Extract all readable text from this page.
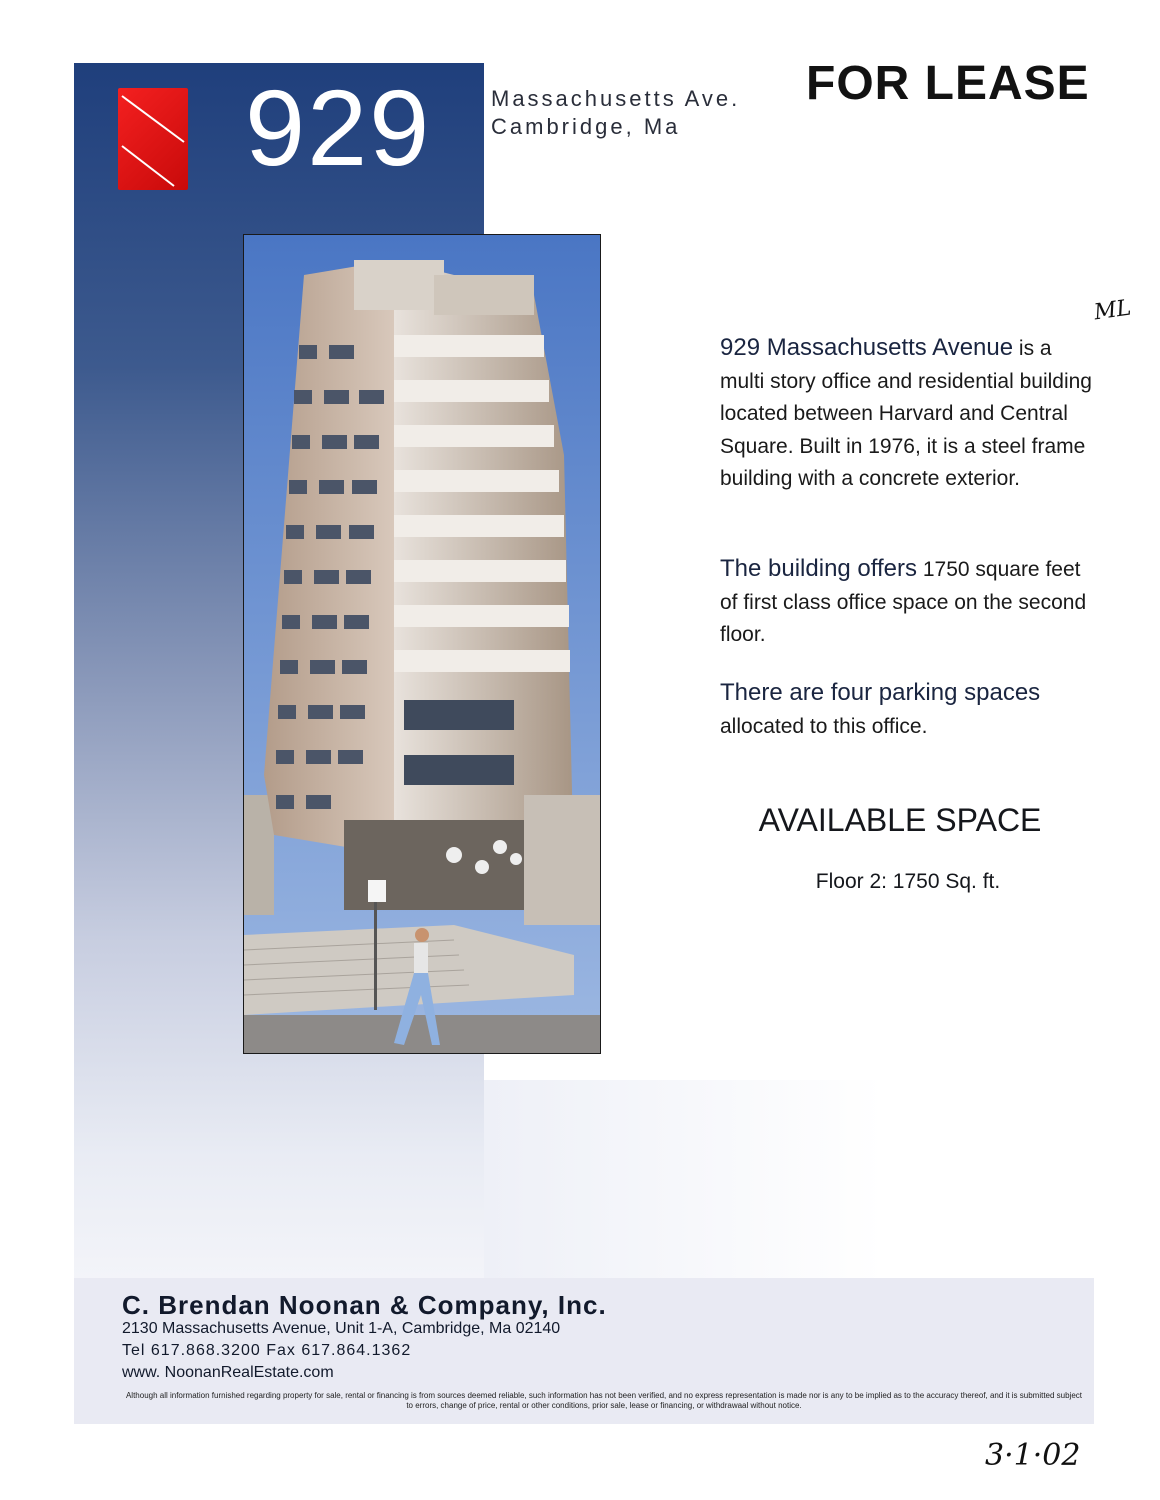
929	Massachusetts Ave.
Cambridge, Ma
FOR LEASE
ML
929 Massachusetts Avenue is a multi story office and residential building located between Harvard and Central Square. Built in 1976, it is a steel frame building with a concrete exterior.
The building offers 1750 square feet of first class office space on the second floor.
There are four parking spaces allocated to this office.
AVAILABLE SPACE
Floor 2: 1750 Sq. ft.
C. Brendan Noonan & Company, Inc.
2130 Massachusetts Avenue, Unit 1-A, Cambridge, Ma 02140
Tel 617.868.3200 Fax 617.864.1362
www. NoonanRealEstate.com
Although all information furnished regarding property for sale, rental or financing is from sources deemed reliable, such information has not been verified, and no express representation is made nor is any to be implied as to the accuracy thereof, and it is submitted subject to errors, change of price, rental or other conditions, prior sale, lease or financing, or withdrawaal without notice.
3·1·02
